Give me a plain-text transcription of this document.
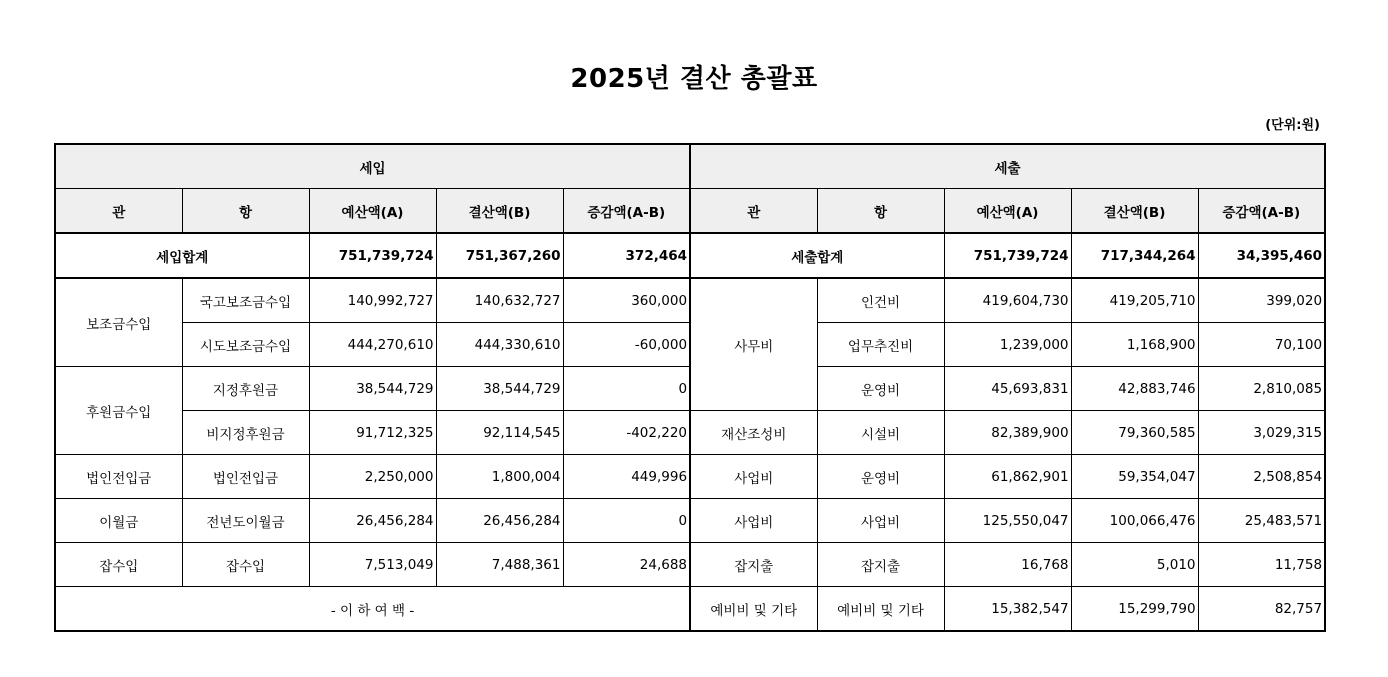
2025년 결산 총괄표
(단위:원)
세입					세출				
관	항	예산액(A)	결산액(B)	증감액(A-B)	관	항	예산액(A)	결산액(B)	증감액(A-B)
세입합계		751,739,724	751,367,260	372,464	세출합계		751,739,724	717,344,264	34,395,460
보조금수입	국고보조금수입	140,992,727	140,632,727	360,000	사무비	인건비	419,604,730	419,205,710	399,020
	시도보조금수입	444,270,610	444,330,610	-60,000		업무추진비	1,239,000	1,168,900	70,100
후원금수입	지정후원금	38,544,729	38,544,729	0		운영비	45,693,831	42,883,746	2,810,085
	비지정후원금	91,712,325	92,114,545	-402,220	재산조성비	시설비	82,389,900	79,360,585	3,029,315
법인전입금	법인전입금	2,250,000	1,800,004	449,996	사업비	운영비	61,862,901	59,354,047	2,508,854
이월금	전년도이월금	26,456,284	26,456,284	0	사업비	사업비	125,550,047	100,066,476	25,483,571
잡수입	잡수입	7,513,049	7,488,361	24,688	잡지출	잡지출	16,768	5,010	11,758
- 이 하 여 백 -					예비비 및 기타	예비비 및 기타	15,382,547	15,299,790	82,757
